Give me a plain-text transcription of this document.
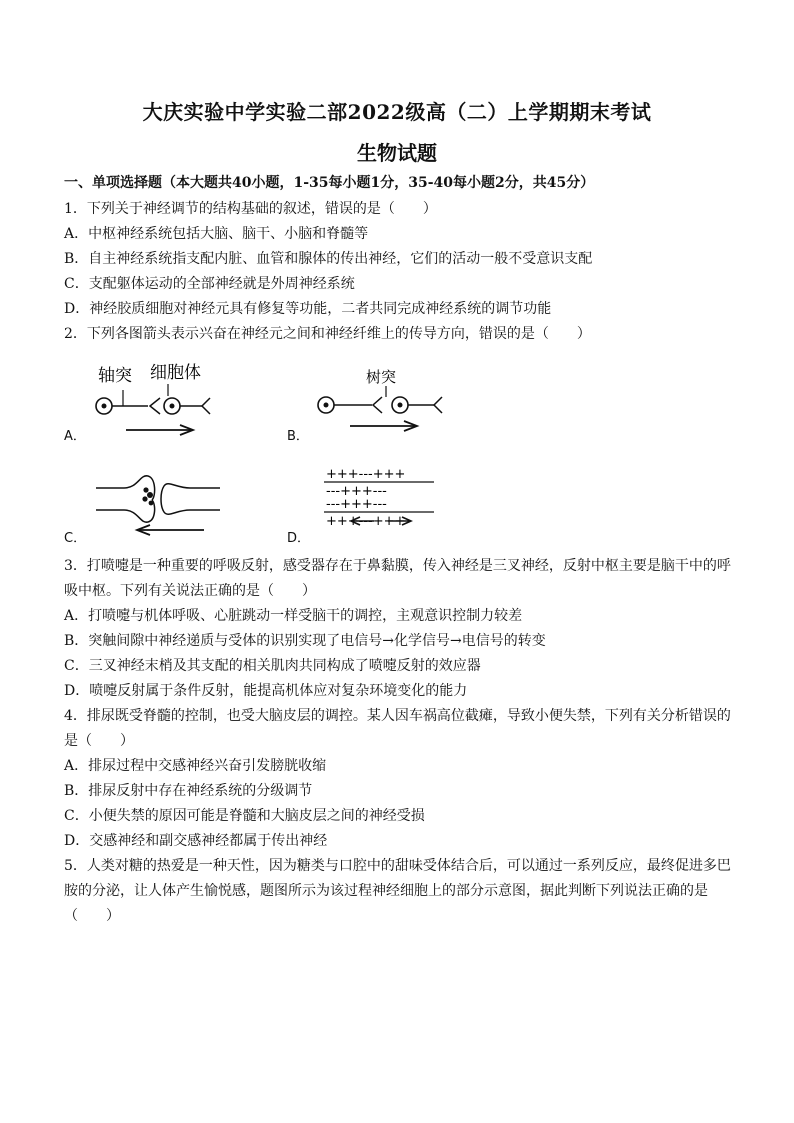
大庆实验中学实验二部2022级高（二）上学期期末考试
生物试题
一、单项选择题（本大题共40小题，1-35每小题1分，35-40每小题2分，共45分）
1．下列关于神经调节的结构基础的叙述，错误的是（　　）
A．中枢神经系统包括大脑、脑干、小脑和脊髓等
B．自主神经系统指支配内脏、血管和腺体的传出神经，它们的活动一般不受意识支配
C．支配躯体运动的全部神经就是外周神经系统
D．神经胶质细胞对神经元具有修复等功能，二者共同完成神经系统的调节功能
2．下列各图箭头表示兴奋在神经元之间和神经纤维上的传导方向，错误的是（　　）
轴突 细胞体
A．
树突
B．
C．
+++---+++
---+++---
---+++---
+++---+++
D．
3．打喷嚏是一种重要的呼吸反射，感受器存在于鼻黏膜，传入神经是三叉神经，反射中枢主要是脑干中的呼
吸中枢。下列有关说法正确的是（　　）
A．打喷嚏与机体呼吸、心脏跳动一样受脑干的调控，主观意识控制力较差
B．突触间隙中神经递质与受体的识别实现了电信号→化学信号→电信号的转变
C．三叉神经末梢及其支配的相关肌肉共同构成了喷嚏反射的效应器
D．喷嚏反射属于条件反射，能提高机体应对复杂环境变化的能力
4．排尿既受脊髓的控制，也受大脑皮层的调控。某人因车祸高位截瘫，导致小便失禁，下列有关分析错误的
是（　　）
A．排尿过程中交感神经兴奋引发膀胱收缩
B．排尿反射中存在神经系统的分级调节
C．小便失禁的原因可能是脊髓和大脑皮层之间的神经受损
D．交感神经和副交感神经都属于传出神经
5．人类对糖的热爱是一种天性，因为糖类与口腔中的甜味受体结合后，可以通过一系列反应，最终促进多巴
胺的分泌，让人体产生愉悦感，题图所示为该过程神经细胞上的部分示意图，据此判断下列说法正确的是
（　　）
